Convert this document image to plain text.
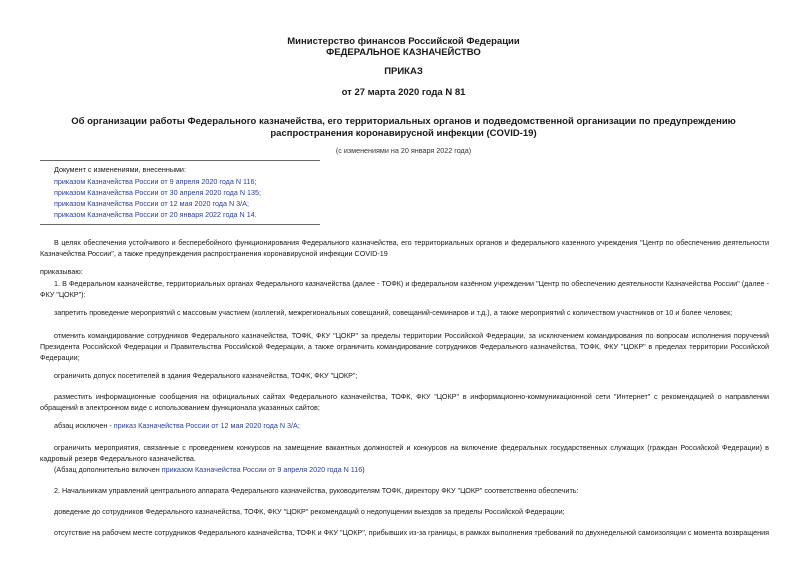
Министерство финансов Российской Федерации
ФЕДЕРАЛЬНОЕ КАЗНАЧЕЙСТВО
ПРИКАЗ
от 27 марта 2020 года N 81
Об организации работы Федерального казначейства, его территориальных органов и подведомственной организации по предупреждению распространения коронавирусной инфекции (COVID-19)
(с изменениями на 20 января 2022 года)
Документ с изменениями, внесенными:
приказом Казначейства России от 9 апреля 2020 года N 116;
приказом Казначейства России от 30 апреля 2020 года N 135;
приказом Казначейства России от 12 мая 2020 года N 3/А;
приказом Казначейства России от 20 января 2022 года N 14.
В целях обеспечения устойчивого и бесперебойного функционирования Федерального казначейства, его территориальных органов и федерального казенного учреждения "Центр по обеспечению деятельности Казначейства России", а также предупреждения распространения коронавирусной инфекции COVID-19
приказываю:
1. В Федеральном казначействе, территориальных органах Федерального казначейства (далее - ТОФК) и федеральном казённом учреждении "Центр по обеспечению деятельности Казначейства России" (далее - ФКУ "ЦОКР"):
запретить проведение мероприятий с массовым участием (коллегий, межрегиональных совещаний, совещаний-семинаров и т.д.), а также мероприятий с количеством участников от 10 и более человек;
отменить командирование сотрудников Федерального казначейства, ТОФК, ФКУ "ЦОКР" за пределы территории Российской Федерации, за исключением командирования по вопросам исполнения поручений Президента Российской Федерации и Правительства Российской Федерации, а также ограничить командирование сотрудников Федерального казначейства, ТОФК, ФКУ "ЦОКР" в пределах территории Российской Федерации;
ограничить допуск посетителей в здания Федерального казначейства, ТОФК, ФКУ "ЦОКР";
разместить информационные сообщения на официальных сайтах Федерального казначейства, ТОФК, ФКУ "ЦОКР" в информационно-коммуникационной сети "Интернет" с рекомендацией о направлении обращений в электронном виде с использованием функционала указанных сайтов;
абзац исключен - приказ Казначейства России от 12 мая 2020 года N 3/А;
ограничить мероприятия, связанные с проведением конкурсов на замещение вакантных должностей и конкурсов на включение федеральных государственных служащих (граждан Российской Федерации) в кадровый резерв Федерального казначейства.
(Абзац дополнительно включен приказом Казначейства России от 9 апреля 2020 года N 116)
2. Начальникам управлений центрального аппарата Федерального казначейства, руководителям ТОФК, директору ФКУ "ЦОКР" соответственно обеспечить:
доведение до сотрудников Федерального казначейства, ТОФК, ФКУ "ЦОКР" рекомендаций о недопущении выездов за пределы Российской Федерации;
отсутствие на рабочем месте сотрудников Федерального казначейства, ТОФК и ФКУ "ЦОКР", прибывших из-за границы, в рамках выполнения требований по двухнедельной самоизоляции с момента возвращения
